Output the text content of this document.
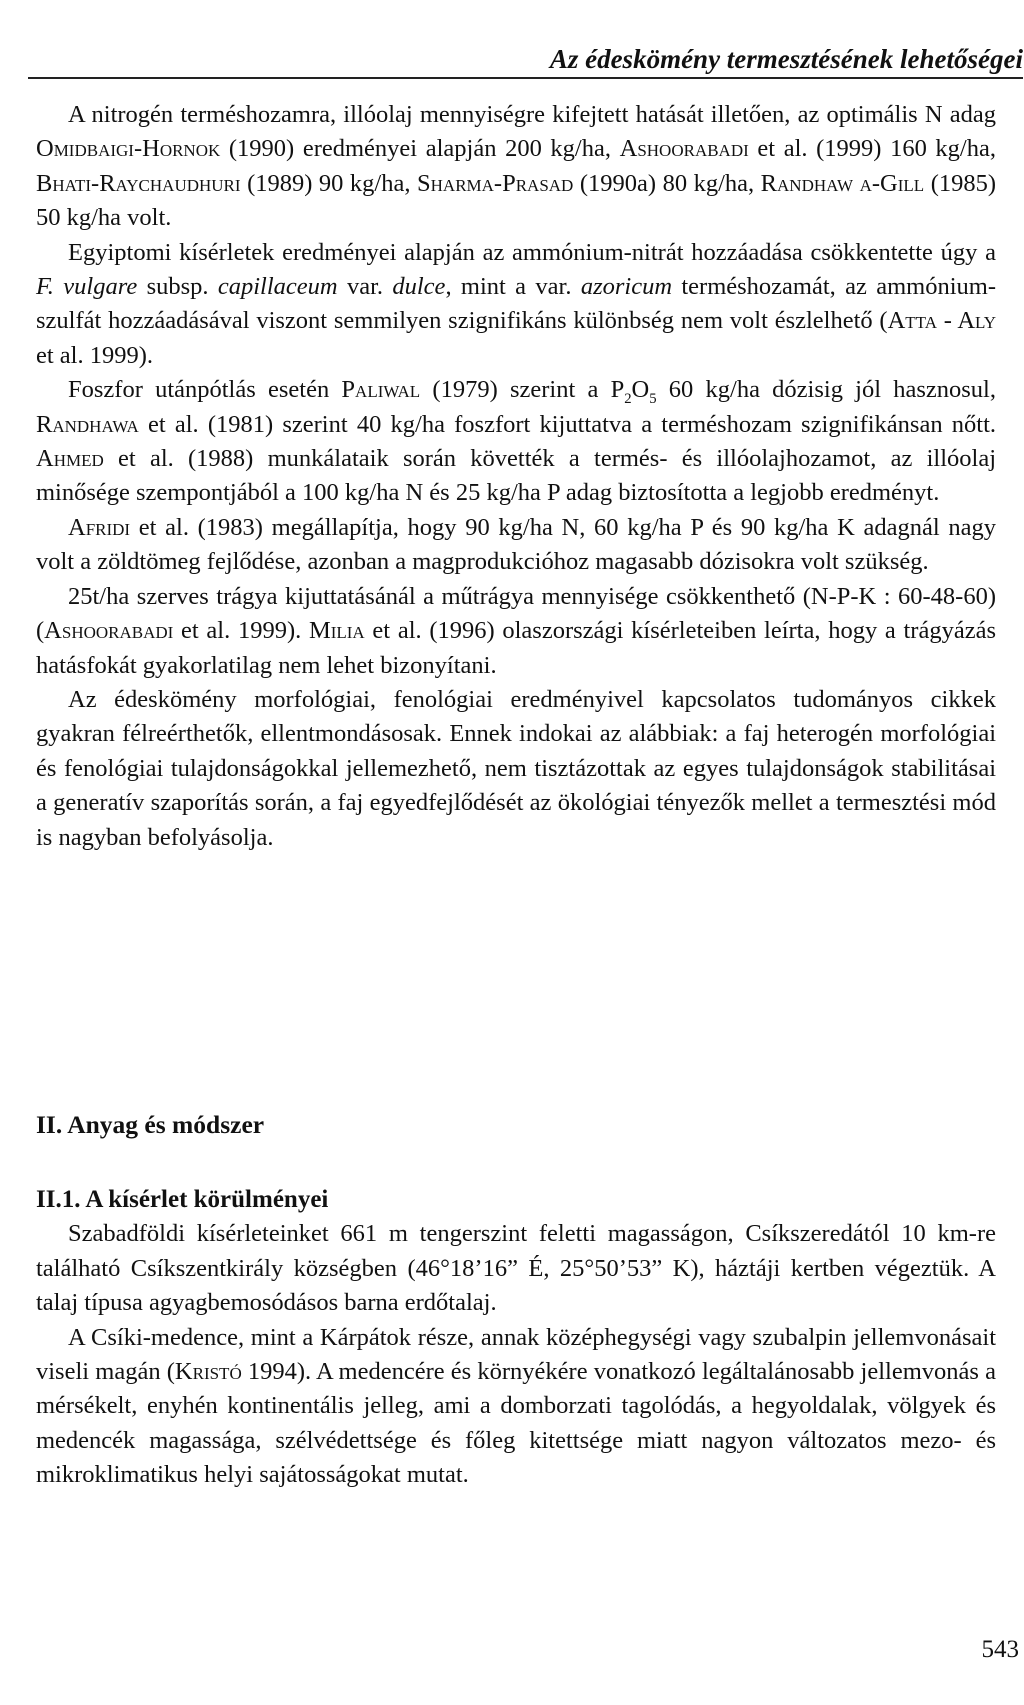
Az édeskömény termesztésének lehetőségei

A nitrogén terméshozamra, illóolaj mennyiségre kifejtett hatását illetően, az optimális N adag Omidbaigi-Hornok (1990) eredményei alapján 200 kg/ha, Ashoorabadi et al. (1999) 160 kg/ha, Bhati-Raychaudhuri (1989) 90 kg/ha, Sharma-Prasad (1990a) 80 kg/ha, Randhaw a-Gill (1985) 50 kg/ha volt.

Egyiptomi kísérletek eredményei alapján az ammónium-nitrát hozzáadása csökkentette úgy a F. vulgare subsp. capillaceum var. dulce, mint a var. azoricum terméshozamát, az ammónium-szulfát hozzáadásával viszont semmilyen szignifikáns különbség nem volt észlelhető (Atta - Aly et al. 1999).

Foszfor utánpótlás esetén Paliwal (1979) szerint a $P_2O_5$ 60 kg/ha dózisig jól hasznosul, Randhawa et al. (1981) szerint 40 kg/ha foszfort kijuttatva a terméshozam szignifikánsan nőtt. Ahmed et al. (1988) munkálataik során követték a termés- és illóolajhozamot, az illóolaj minősége szempontjából a 100 kg/ha N és 25 kg/ha P adag biztosította a legjobb eredményt.

Afridi et al. (1983) megállapítja, hogy 90 kg/ha N, 60 kg/ha P és 90 kg/ha K adagnál nagy volt a zöldtömeg fejlődése, azonban a magprodukcióhoz magasabb dózisokra volt szükség.

25t/ha szerves trágya kijuttatásánál a műtrágya mennyisége csökkenthető (N-P-K : 60-48-60) (Ashoorabadi et al. 1999). Milia et al. (1996) olaszországi kísérleteiben leírta, hogy a trágyázás hatásfokát gyakorlatilag nem lehet bizonyítani.

Az édeskömény morfológiai, fenológiai eredményivel kapcsolatos tudományos cikkek gyakran félreérthetők, ellentmondásosak. Ennek indokai az alábbiak: a faj heterogén morfológiai és fenológiai tulajdonságokkal jellemezhető, nem tisztázottak az egyes tulajdonságok stabilitásai a generatív szaporítás során, a faj egyedfejlődését az ökológiai tényezők mellet a termesztési mód is nagyban befolyásolja.

II. Anyag és módszer
II.1. A kísérlet körülményei

Szabadföldi kísérleteinket 661 m tengerszint feletti magasságon, Csíkszeredától 10 km-re található Csíkszentkirály községben (46°18’16” É, 25°50’53” K), háztáji kertben végeztük. A talaj típusa agyagbemosódásos barna erdőtalaj.

A Csíki-medence, mint a Kárpátok része, annak középhegységi vagy szubalpin jellemvonásait viseli magán (Kristó 1994). A medencére és környékére vonatkozó legáltalánosabb jellemvonás a mérsékelt, enyhén kontinentális jelleg, ami a domborzati tagolódás, a hegyoldalak, völgyek és medencék magassága, szélvédettsége és főleg kitettsége miatt nagyon változatos mezo- és mikroklimatikus helyi sajátosságokat mutat.

543
